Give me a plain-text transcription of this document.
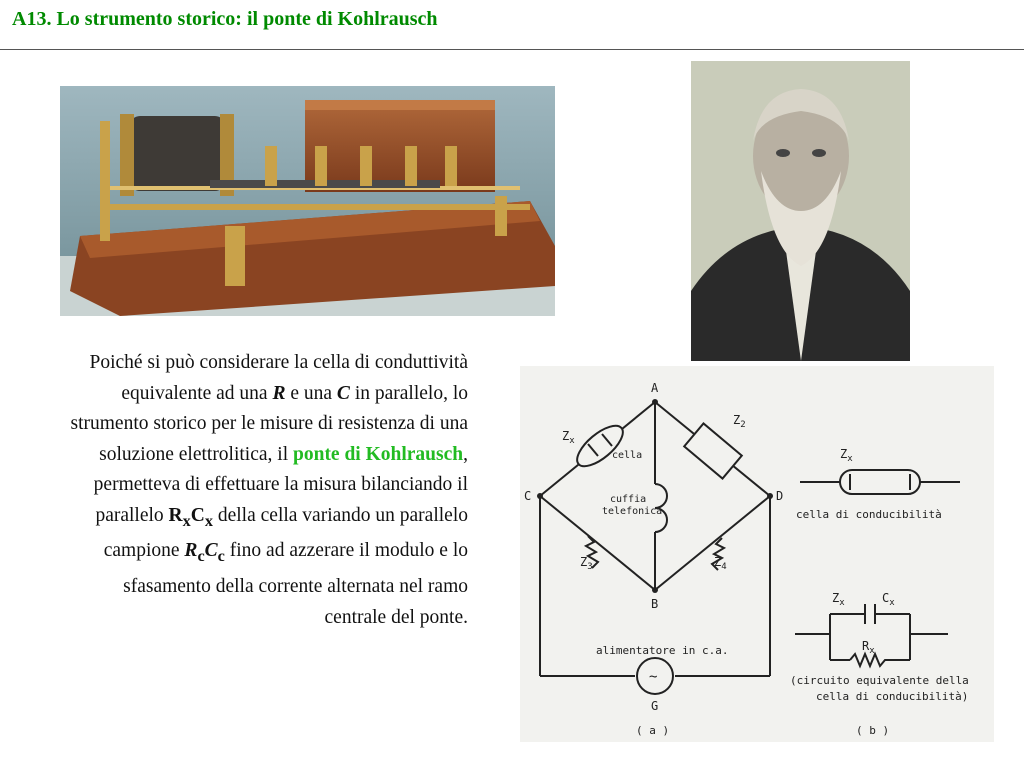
A13. Lo strumento storico: il ponte di Kohlrausch
Poiché si può considerare la cella di conduttività equivalente ad una R e una C in parallelo, lo strumento storico per le misure di resistenza di una soluzione elettrolitica, il ponte di Kohlrausch, permetteva di effettuare la misura bilanciando il parallelo $R_xC_x$ della cella variando un parallelo campione $R_cC_c$ fino ad azzerare il modulo e lo sfasamento della corrente alternata nel ramo centrale del ponte.
A
B
C	D
G
$Z_x$
$Z_2$
$Z_3$	$Z_4$
$Z_x$
$Z_x$	$C_x$
$R_x$
cella
cuffia
telefonica
alimentatore in c.a.
~
( a )
cella di conducibilità
(circuito equivalente della
cella di conducibilità)
( b )
